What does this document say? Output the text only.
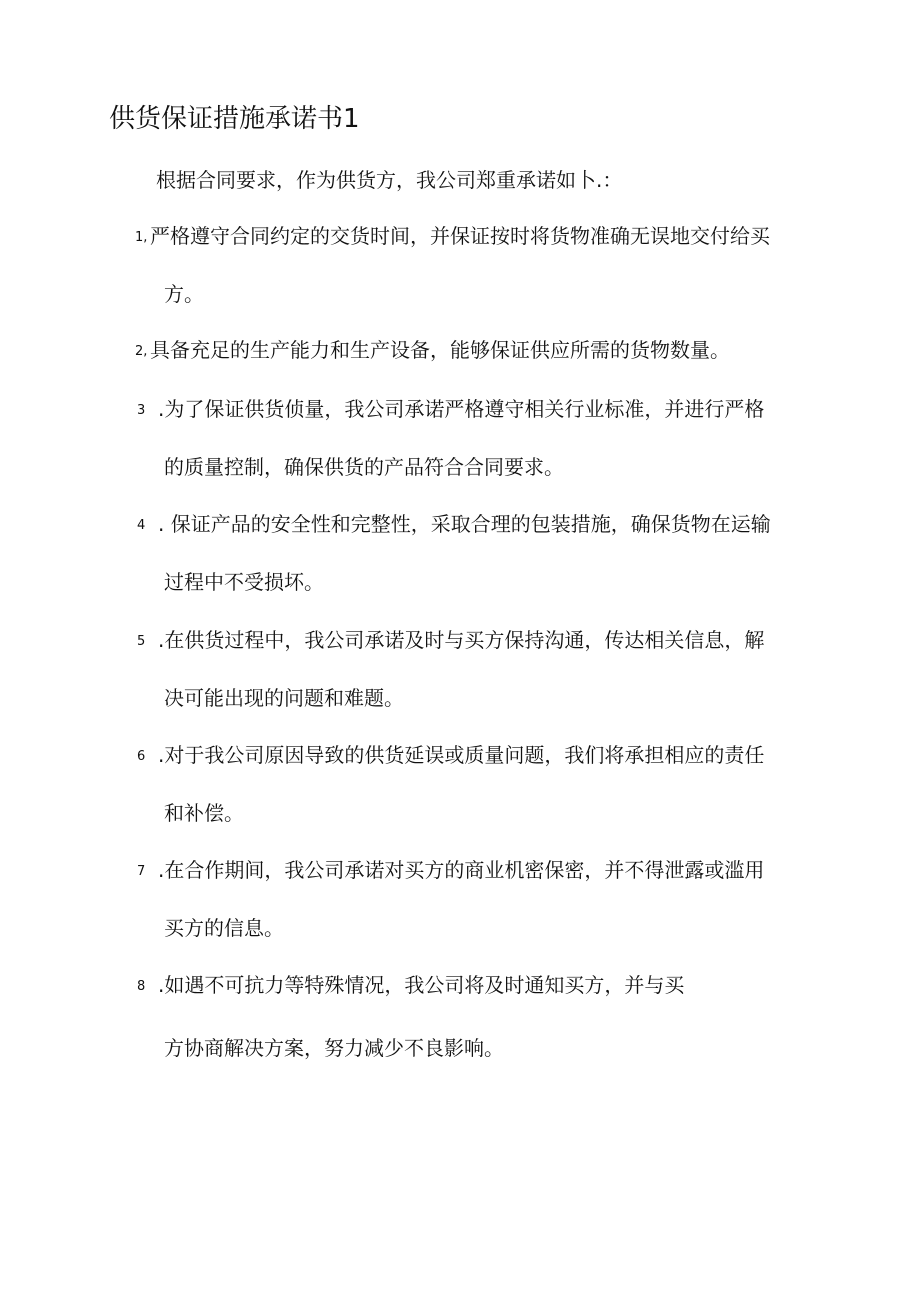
供货保证措施承诺书1
根据合同要求，作为供货方，我公司郑重承诺如卜.：
1, 严格遵守合同约定的交货时间，并保证按时将货物准确无误地交付给买
方。
2, 具备充足的生产能力和生产设备，能够保证供应所需的货物数量。
3 .为了保证供货侦量，我公司承诺严格遵守相关行业标准，并进行严格
的质量控制，确保供货的产品符合合同要求。
4 . 保证产品的安全性和完整性，采取合理的包装措施，确保货物在运输
过程中不受损坏。
5 .在供货过程中，我公司承诺及时与买方保持沟通，传达相关信息，解
决可能出现的问题和难题。
6 .对于我公司原因导致的供货延误或质量问题，我们将承担相应的责任
和补偿。
7 .在合作期间，我公司承诺对买方的商业机密保密，并不得泄露或滥用
买方的信息。
8 .如遇不可抗力等特殊情况，我公司将及时通知买方，并与买
方协商解决方案，努力减少不良影响。
